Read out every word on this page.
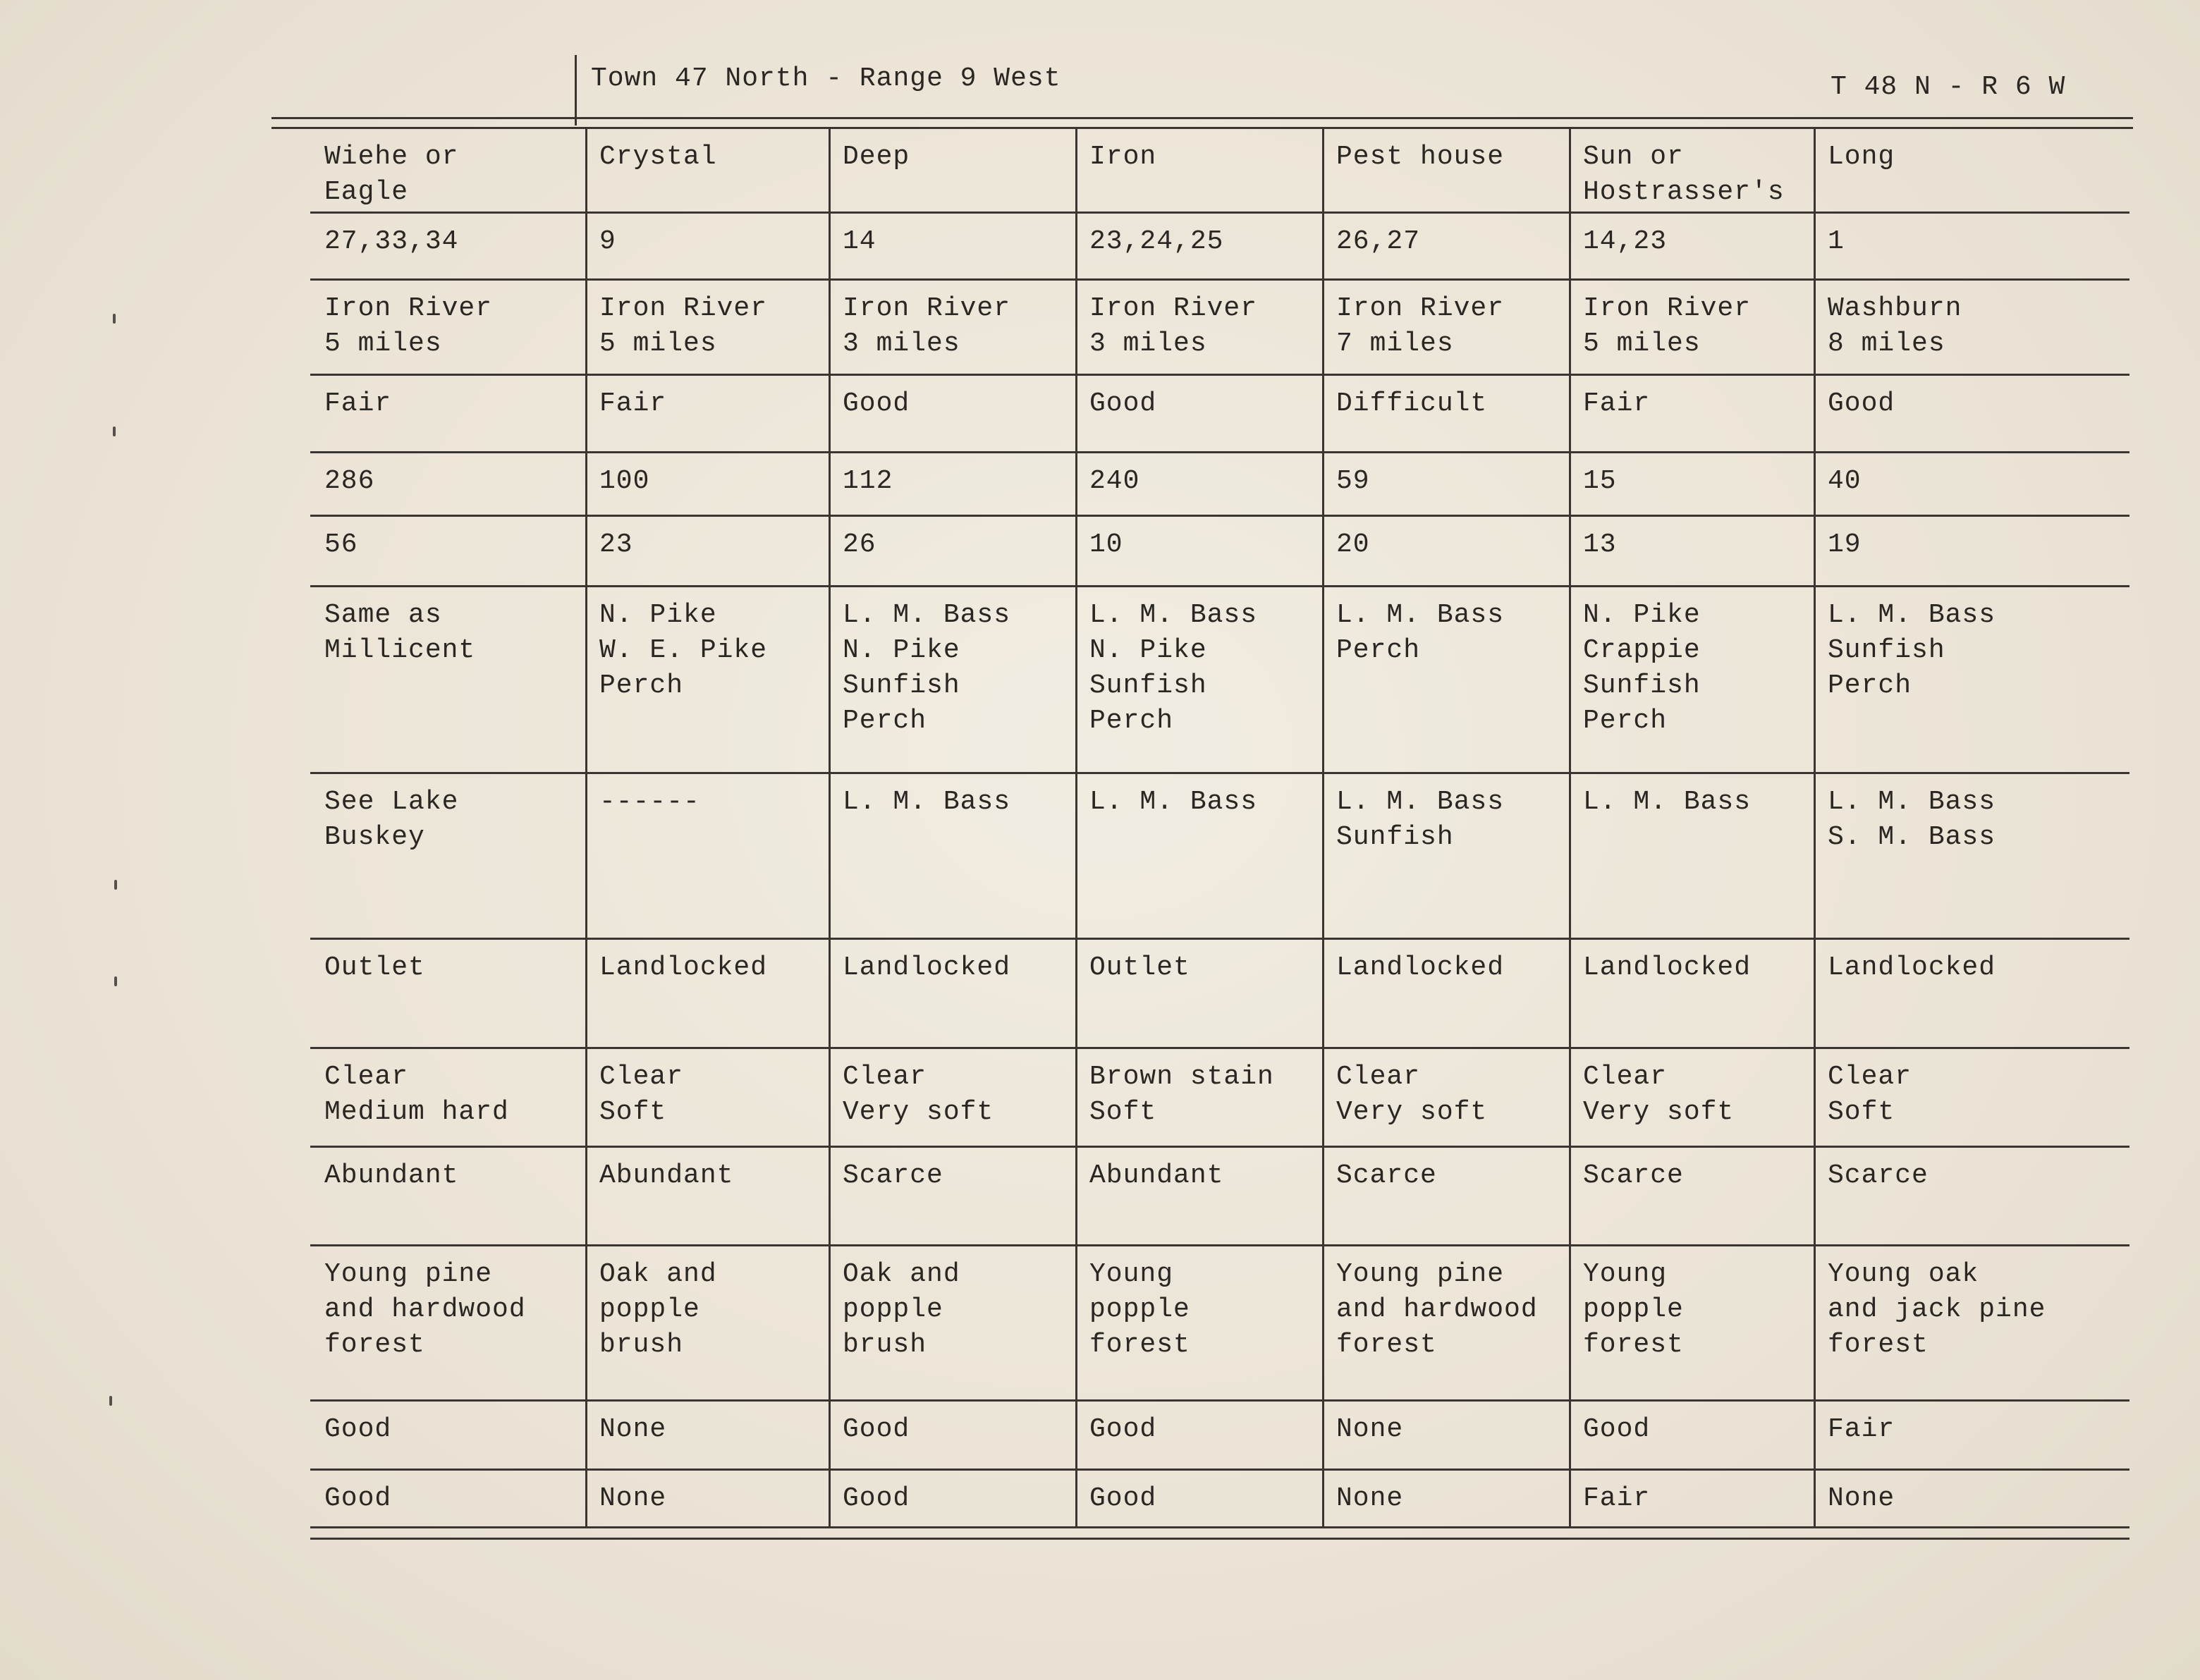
Town 47 North - Range 9 West	T 48 N - R 6 W
Wiehe or
Eagle
27,33,34
Iron River
5 miles
Fair
286
56
Same as
Millicent
See Lake
Buskey
Outlet
Clear
Medium hard
Abundant
Young pine
and hardwood
forest
Good
Good
Crystal
9
Iron River
5 miles
Fair
100
23
N. Pike
W. E. Pike
Perch
------
Landlocked
Clear
Soft
Abundant
Oak and
popple
brush
None
None
Deep
14
Iron River
3 miles
Good
112
26
L. M. Bass
N. Pike
Sunfish
Perch
L. M. Bass
Landlocked
Clear
Very soft
Scarce
Oak and
popple
brush
Good
Good
Iron
23,24,25
Iron River
3 miles
Good
240
10
L. M. Bass
N. Pike
Sunfish
Perch
L. M. Bass
Outlet
Brown stain
Soft
Abundant
Young
popple
forest
Good
Good
Pest house
26,27
Iron River
7 miles
Difficult
59
20
L. M. Bass
Perch
L. M. Bass
Sunfish
Landlocked
Clear
Very soft
Scarce
Young pine
and hardwood
forest
None
None
Sun or
Hostrasser's
14,23
Iron River
5 miles
Fair
15
13
N. Pike
Crappie
Sunfish
Perch
L. M. Bass
Landlocked
Clear
Very soft
Scarce
Young
popple
forest
Good
Fair
Long
1
Washburn
8 miles
Good
40
19
L. M. Bass
Sunfish
Perch
L. M. Bass
S. M. Bass
Landlocked
Clear
Soft
Scarce
Young oak
and jack pine
forest
Fair
None
